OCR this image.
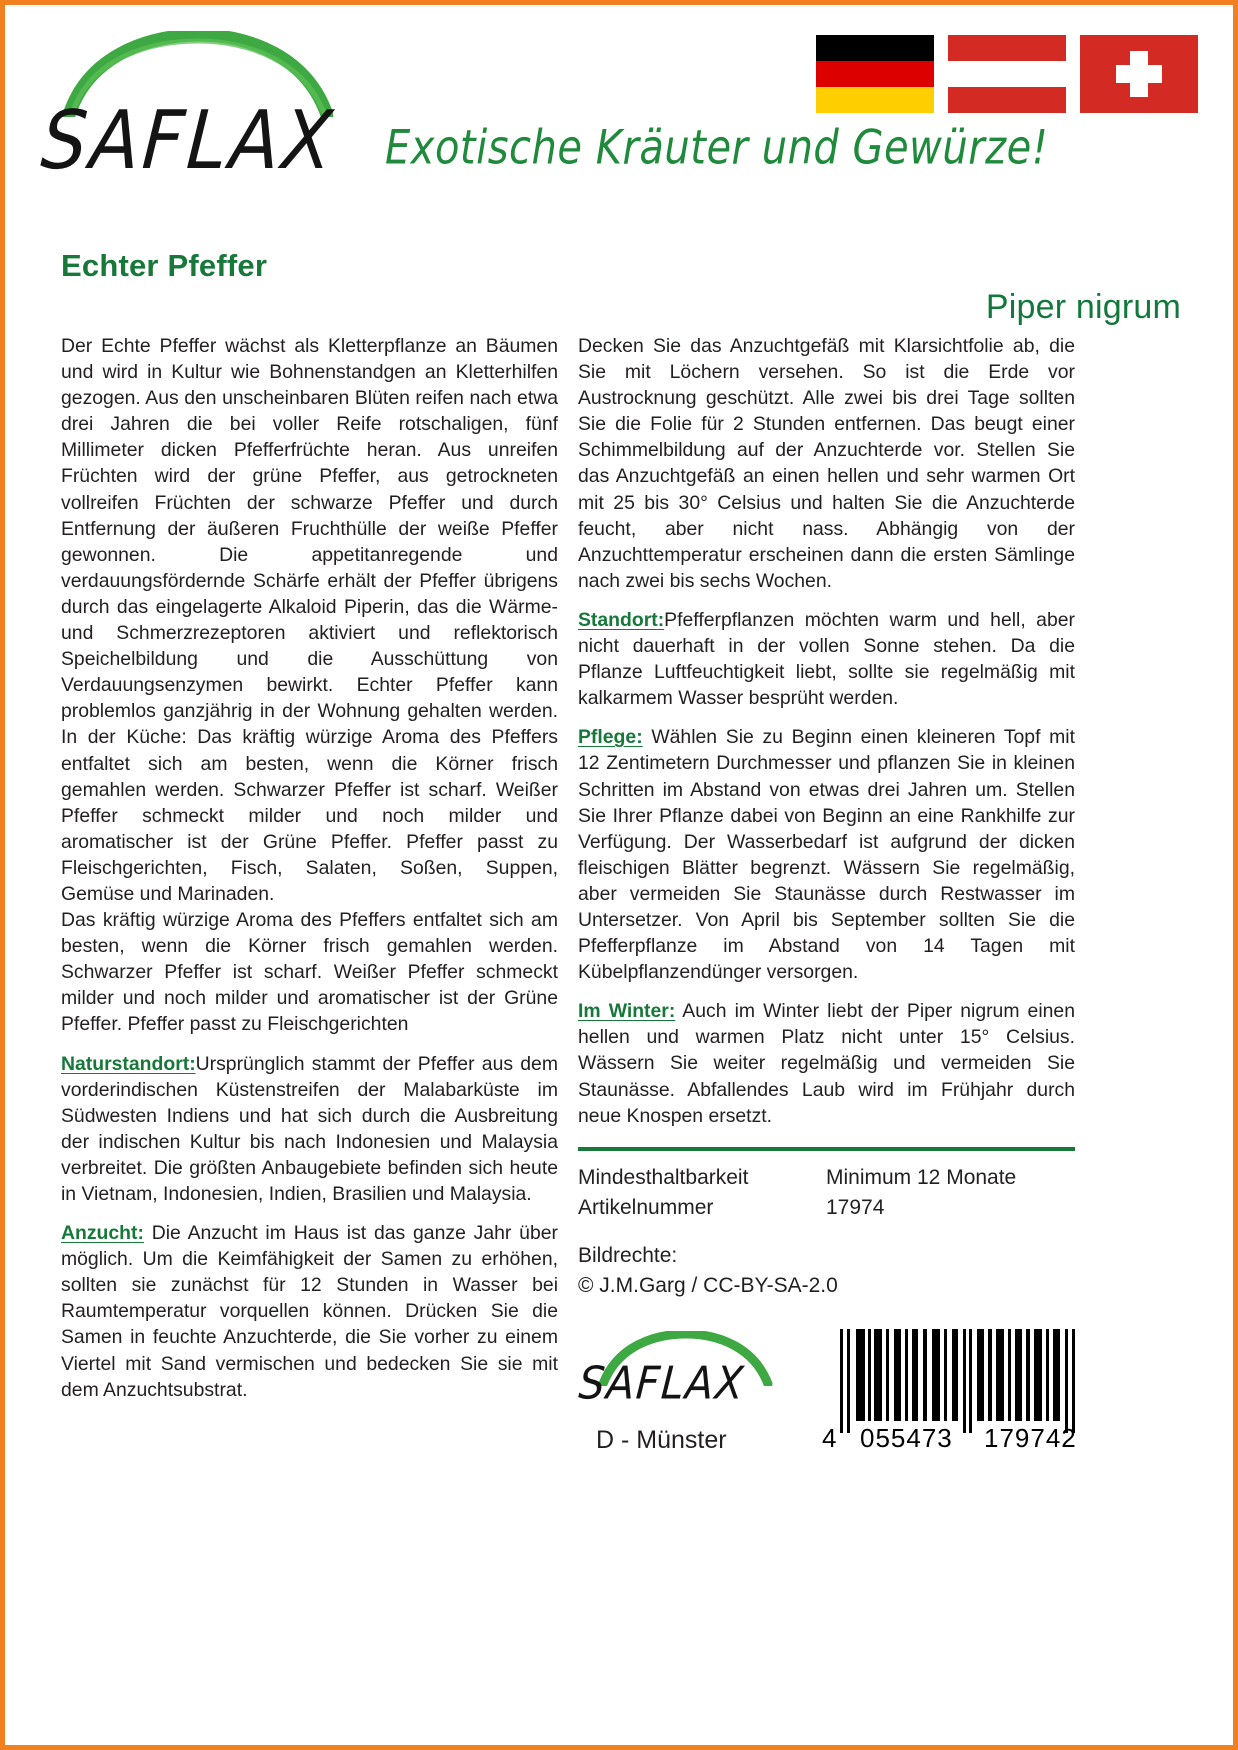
SAFLAX	Exotische Kräuter und Gewürze!
Echter Pfeffer
Piper nigrum

Der Echte Pfeffer wächst als Kletterpflanze an Bäumen und wird in Kultur wie Bohnenstandgen an Kletterhilfen gezogen. Aus den unscheinbaren Blüten reifen nach etwa drei Jahren die bei voller Reife rotschaligen, fünf Millimeter dicken Pfefferfrüchte heran. Aus unreifen Früchten wird der grüne Pfeffer, aus getrockneten vollreifen Früchten der schwarze Pfeffer und durch Entfernung der äußeren Fruchthülle der weiße Pfeffer gewonnen. Die appetitanregende und verdauungsfördernde Schärfe erhält der Pfeffer übrigens durch das eingelagerte Alkaloid Piperin, das die Wärme- und Schmerzrezeptoren aktiviert und reflektorisch Speichelbildung und die Ausschüttung von Verdauungsenzymen bewirkt. Echter Pfeffer kann problemlos ganzjährig in der Wohnung gehalten werden. In der Küche: Das kräftig würzige Aroma des Pfeffers entfaltet sich am besten, wenn die Körner frisch gemahlen werden. Schwarzer Pfeffer ist scharf. Weißer Pfeffer schmeckt milder und noch milder und aromatischer ist der Grüne Pfeffer. Pfeffer passt zu Fleischgerichten, Fisch, Salaten, Soßen, Suppen, Gemüse und Marinaden.

Das kräftig würzige Aroma des Pfeffers entfaltet sich am besten, wenn die Körner frisch gemahlen werden. Schwarzer Pfeffer ist scharf. Weißer Pfeffer schmeckt milder und noch milder und aromatischer ist der Grüne Pfeffer. Pfeffer passt zu Fleischgerichten

Naturstandort:Ursprünglich stammt der Pfeffer aus dem vorderindischen Küstenstreifen der Malabarküste im Südwesten Indiens und hat sich durch die Ausbreitung der indischen Kultur bis nach Indonesien und Malaysia verbreitet. Die größten Anbaugebiete befinden sich heute in Vietnam, Indonesien, Indien, Brasilien und Malaysia.

Anzucht: Die Anzucht im Haus ist das ganze Jahr über möglich. Um die Keimfähigkeit der Samen zu erhöhen, sollten sie zunächst für 12 Stunden in Wasser bei Raumtemperatur vorquellen können. Drücken Sie die Samen in feuchte Anzuchterde, die Sie vorher zu einem Viertel mit Sand vermischen und bedecken Sie sie mit dem Anzuchtsubstrat.

Decken Sie das Anzuchtgefäß mit Klarsichtfolie ab, die Sie mit Löchern versehen. So ist die Erde vor Austrocknung geschützt. Alle zwei bis drei Tage sollten Sie die Folie für 2 Stunden entfernen. Das beugt einer Schimmelbildung auf der Anzuchterde vor. Stellen Sie das Anzuchtgefäß an einen hellen und sehr warmen Ort mit 25 bis 30° Celsius und halten Sie die Anzuchterde feucht, aber nicht nass. Abhängig von der Anzuchttemperatur erscheinen dann die ersten Sämlinge nach zwei bis sechs Wochen.

Standort:Pfefferpflanzen möchten warm und hell, aber nicht dauerhaft in der vollen Sonne stehen. Da die Pflanze Luftfeuchtigkeit liebt, sollte sie regelmäßig mit kalkarmem Wasser besprüht werden.

Pflege: Wählen Sie zu Beginn einen kleineren Topf mit 12 Zentimetern Durchmesser und pflanzen Sie in kleinen Schritten im Abstand von etwas drei Jahren um. Stellen Sie Ihrer Pflanze dabei von Beginn an eine Rankhilfe zur Verfügung. Der Wasserbedarf ist aufgrund der dicken fleischigen Blätter begrenzt. Wässern Sie regelmäßig, aber vermeiden Sie Staunässe durch Restwasser im Untersetzer. Von April bis September sollten Sie die Pfefferpflanze im Abstand von 14 Tagen mit Kübelpflanzendünger versorgen.

Im Winter: Auch im Winter liebt der Piper nigrum einen hellen und warmen Platz nicht unter 15° Celsius. Wässern Sie weiter regelmäßig und vermeiden Sie Staunässe. Abfallendes Laub wird im Frühjahr durch neue Knospen ersetzt.

Mindesthaltbarkeit	Minimum 12 Monate
Artikelnummer	17974
Bildrechte:
© J.M.Garg / CC-BY-SA-2.0
SAFLAX
D - Münster	4 055473 179742
